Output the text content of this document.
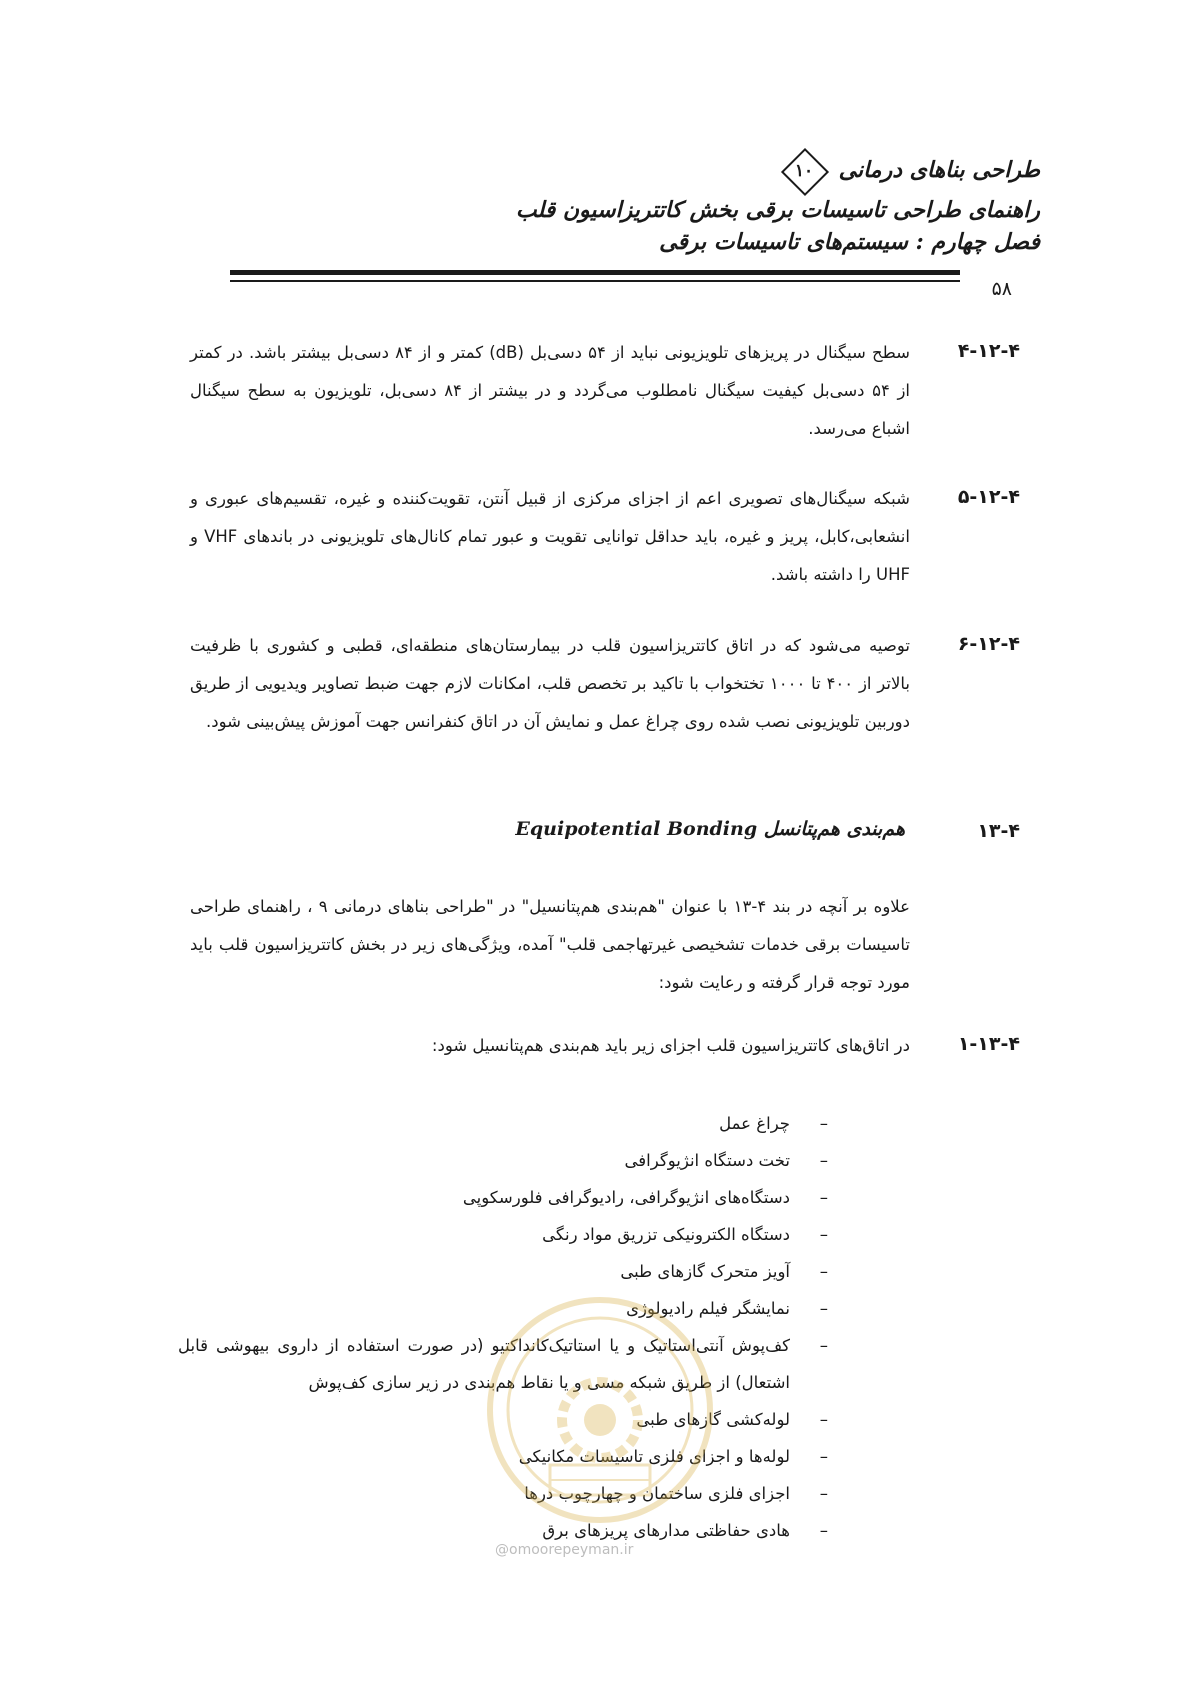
طراحی بناهای درمانی
۱۰
راهنمای طراحی تاسیسات برقی بخش کاتتریزاسیون قلب
فصل چهارم : سیستم‌های تاسیسات برقی
۵۸
۴-۱۲-۴
سطح سیگنال در پریزهای تلویزیونی نباید از ۵۴ دسی‌بل (dB) کمتر و از ۸۴ دسی‌بل بیشتر باشد. در کمتر از ۵۴ دسی‌بل کیفیت سیگنال نامطلوب می‌گردد و در بیشتر از ۸۴ دسی‌بل، تلویزیون به سطح سیگنال اشباع می‌رسد.
۵-۱۲-۴
شبکه سیگنال‌های تصویری اعم از اجزای مرکزی از قبیل آنتن، تقویت‌کننده و غیره، تقسیم‌های عبوری و انشعابی،کابل، پریز و غیره، باید حداقل توانایی تقویت و عبور تمام کانال‌های تلویزیونی در باندهای VHF و UHF را داشته باشد.
۶-۱۲-۴
توصیه می‌شود که در اتاق کاتتریزاسیون قلب در بیمارستان‌های منطقه‌ای، قطبی و کشوری با ظرفیت بالاتر از ۴۰۰ تا ۱۰۰۰ تختخواب با تاکید بر تخصص قلب، امکانات لازم جهت ضبط تصاویر ویدیویی از طریق دوربین تلویزیونی نصب شده روی چراغ عمل و نمایش آن در اتاق کنفرانس جهت آموزش پیش‌بینی شود.
۱۳-۴
هم‌بندی هم‌پتانسل Equipotential Bonding
علاوه بر آنچه در بند ۴-۱۳ با عنوان "هم‌بندی هم‌پتانسیل" در "طراحی بناهای درمانی ۹ ، راهنمای طراحی تاسیسات برقی خدمات تشخیصی غیرتهاجمی قلب" آمده، ویژگی‌های زیر در بخش کاتتریزاسیون قلب باید مورد توجه قرار گرفته و رعایت شود:
۱-۱۳-۴
در اتاق‌های کاتتریزاسیون قلب اجزای زیر باید هم‌بندی هم‌پتانسیل شود:
–
چراغ عمل
–
تخت دستگاه انژیوگرافی
–
دستگاه‌های انژیوگرافی، رادیوگرافی فلورسکوپی
–
دستگاه الکترونیکی تزریق مواد رنگی
–
آویز متحرک گازهای طبی
–
نمایشگر فیلم رادیولوژی
–
کف‌پوش آنتی‌استاتیک و یا استاتیک‌کانداکتیو (در صورت استفاده از داروی بیهوشی قابل اشتعال) از طریق شبکه مسی و یا نقاط هم‌بندی در زیر سازی کف‌پوش
–
لوله‌کشی گازهای طبی
–
لوله‌ها و اجزای فلزی تاسیسات مکانیکی
–
اجزای فلزی ساختمان و چهارچوب درها
–
هادی حفاظتی مدارهای پریزهای برق
@omoorepeyman.ir
